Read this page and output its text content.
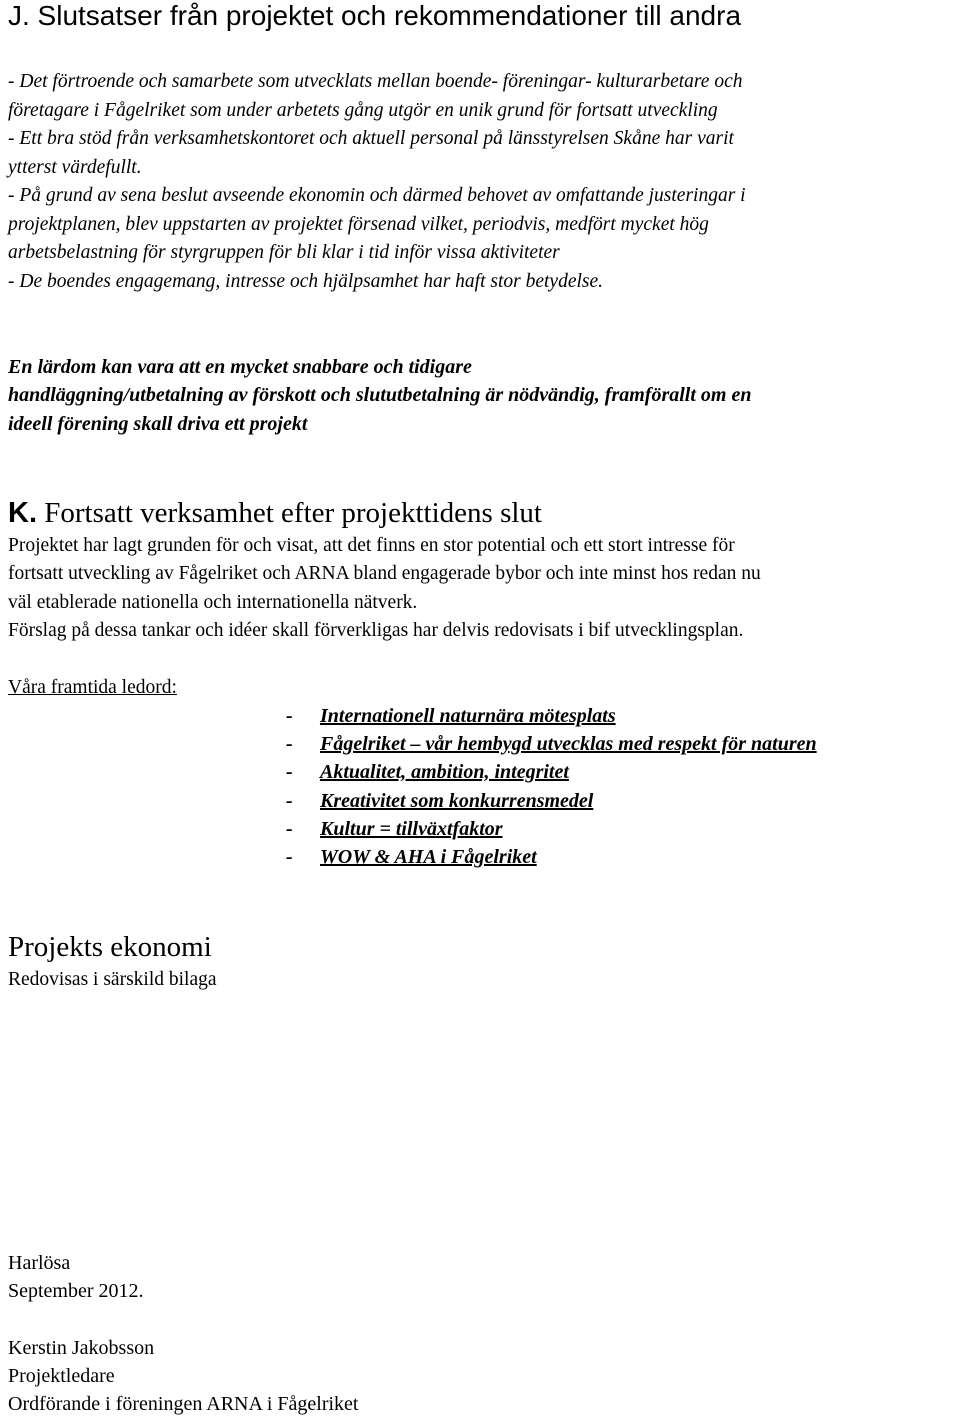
J. Slutsatser från projektet och rekommendationer till andra
- Det förtroende och samarbete som utvecklats mellan boende- föreningar- kulturarbetare och
företagare i Fågelriket som under arbetets gång utgör en unik grund för fortsatt utveckling
- Ett bra stöd från verksamhetskontoret och aktuell personal på länsstyrelsen Skåne har varit
ytterst värdefullt.
- På grund av sena beslut avseende ekonomin och därmed behovet av omfattande justeringar i
projektplanen, blev uppstarten av projektet försenad vilket, periodvis, medfört mycket hög
arbetsbelastning för styrgruppen för bli klar i tid inför vissa aktiviteter
- De boendes engagemang, intresse och hjälpsamhet har haft stor betydelse.
En lärdom kan vara att en mycket snabbare och tidigare
handläggning/utbetalning av förskott och slututbetalning är nödvändig, framförallt om en
ideell förening skall driva ett projekt
K. Fortsatt verksamhet efter projekttidens slut
Projektet har lagt grunden för och visat, att det finns en stor potential och ett stort intresse för
fortsatt utveckling av Fågelriket och ARNA bland engagerade bybor och inte minst hos redan nu
väl etablerade nationella och internationella nätverk.
Förslag på dessa tankar och idéer skall förverkligas har delvis redovisats i bif utvecklingsplan.
Våra framtida ledord:
- Internationell naturnära mötesplats
- Fågelriket – vår hembygd utvecklas med respekt för naturen
- Aktualitet, ambition, integritet
- Kreativitet som konkurrensmedel
- Kultur = tillväxtfaktor
- WOW & AHA i Fågelriket
Projekts ekonomi
Redovisas i särskild bilaga
Harlösa
September 2012.
Kerstin Jakobsson
Projektledare
Ordförande i föreningen ARNA i Fågelriket
